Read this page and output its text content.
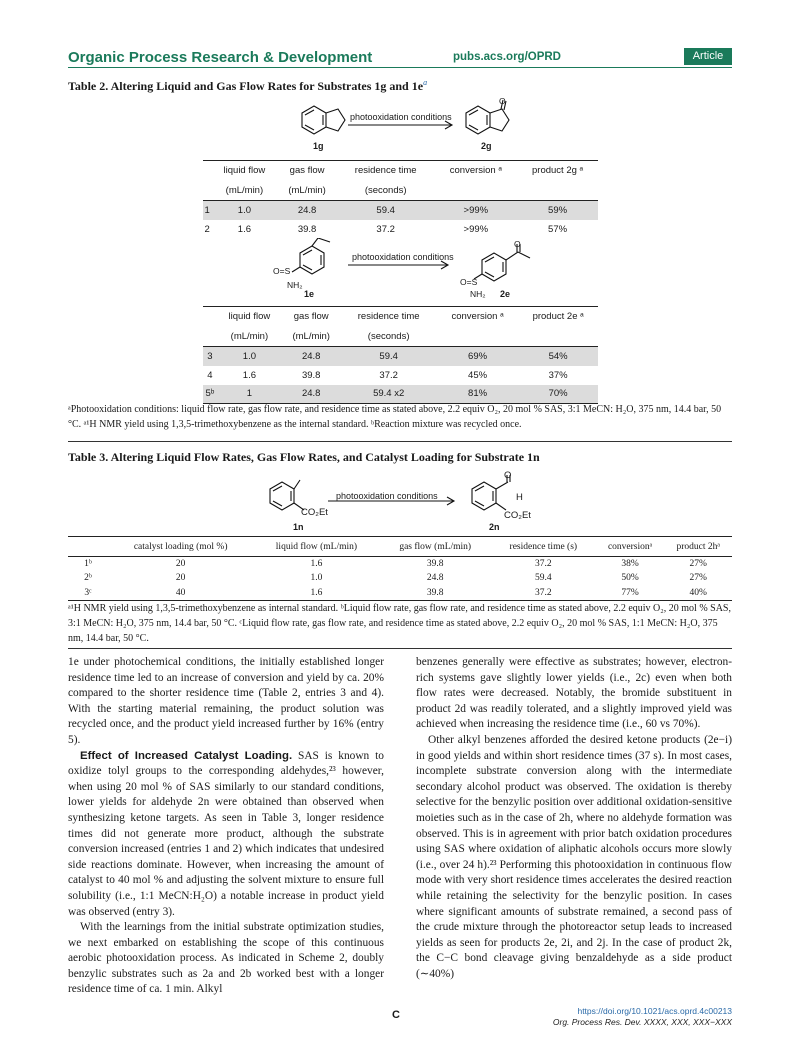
Organic Process Research & Development	pubs.acs.org/OPRD	Article
Table 2. Altering Liquid and Gas Flow Rates for Substrates 1g and $1e^a$
O
photooxidation conditions
1g	2g
	liquid flow	gas flow	residence time	conversion ᵃ	product 2g ᵃ
	(mL/min)	(mL/min)	(seconds)		
1	1.0	24.8	59.4	>99%	59%
2	1.6	39.8	37.2	>99%	57%
O=S
NH₂
O
O=S
NH₂
photooxidation conditions
1e	2e
	liquid flow	gas flow	residence time	conversion ᵃ	product 2e ᵃ
	(mL/min)	(mL/min)	(seconds)		
3	1.0	24.8	59.4	69%	54%
4	1.6	39.8	37.2	45%	37%
5ᵇ	1	24.8	59.4 x2	81%	70%
ᵃPhotooxidation conditions: liquid flow rate, gas flow rate, and residence time as stated above, 2.2 equiv O₂, 20 mol % SAS, 3:1 MeCN: H₂O, 375 nm, 14.4 bar, 50 °C. ᵃ¹H NMR yield using 1,3,5-trimethoxybenzene as the internal standard. ᵇReaction mixture was recycled once.
Table 3. Altering Liquid Flow Rates, Gas Flow Rates, and Catalyst Loading for Substrate 1n
CO₂Et
O
H
CO₂Et
photooxidation conditions
1n	2n
	catalyst loading (mol %)	liquid flow (mL/min)	gas flow (mL/min)	residence time (s)	conversionᵃ	product 2hᵃ
1ᵇ	20	1.6	39.8	37.2	38%	27%
2ᵇ	20	1.0	24.8	59.4	50%	27%
3ᶜ	40	1.6	39.8	37.2	77%	40%
ᵃ¹H NMR yield using 1,3,5-trimethoxybenzene as internal standard. ᵇLiquid flow rate, gas flow rate, and residence time as stated above, 2.2 equiv O₂, 20 mol % SAS, 3:1 MeCN: H₂O, 375 nm, 14.4 bar, 50 °C. ᶜLiquid flow rate, gas flow rate, and residence time as stated above, 2.2 equiv O₂, 20 mol % SAS, 1:1 MeCN: H₂O, 375 nm, 14.4 bar, 50 °C.

1e under photochemical conditions, the initially established longer residence time led to an increase of conversion and yield by ca. 20% compared to the shorter residence time (Table 2, entries 3 and 4). With the starting material remaining, the product solution was recycled once, and the product yield increased further by 16% (entry 5).

Effect of Increased Catalyst Loading. SAS is known to oxidize tolyl groups to the corresponding aldehydes,²³ however, when using 20 mol % of SAS similarly to our standard conditions, lower yields for aldehyde 2n were obtained than observed when synthesizing ketone targets. As seen in Table 3, longer residence times did not generate more product, although the substrate conversion increased (entries 1 and 2) which indicates that undesired side reactions dominate. However, when increasing the amount of catalyst to 40 mol % and adjusting the solvent mixture to ensure full solubility (i.e., 1:1 MeCN:H₂O) a notable increase in product yield was observed (entry 3).

With the learnings from the initial substrate optimization studies, we next embarked on establishing the scope of this continuous aerobic photooxidation process. As indicated in Scheme 2, doubly benzylic substrates such as 2a and 2b worked best with a longer residence time of ca. 1 min. Alkyl

benzenes generally were effective as substrates; however, electron-rich systems gave slightly lower yields (i.e., 2c) even when both flow rates were decreased. Notably, the bromide substituent in product 2d was readily tolerated, and a slightly improved yield was achieved when increasing the residence time (i.e., 60 vs 70%).

Other alkyl benzenes afforded the desired ketone products (2e−i) in good yields and within short residence times (37 s). In most cases, incomplete substrate conversion along with the intermediate secondary alcohol product was observed. The oxidation is thereby selective for the benzylic position over additional oxidation-sensitive moieties such as in the case of 2h, where no aldehyde formation was observed. This is in agreement with prior batch oxidation procedures using SAS where oxidation of aliphatic alcohols occurs more slowly (i.e., over 24 h).²³ Performing this photooxidation in continuous flow mode with very short residence times accelerates the desired reaction while retaining the selectivity for the benzylic position. In cases where significant amounts of substrate remained, a second pass of the crude mixture through the photoreactor setup leads to increased yields as seen for products 2e, 2i, and 2j. In the case of product 2k, the C−C bond cleavage giving benzaldehyde as a side product (∼40%)

C	https://doi.org/10.1021/acs.oprd.4c00213
Org. Process Res. Dev. XXXX, XXX, XXX−XXX
